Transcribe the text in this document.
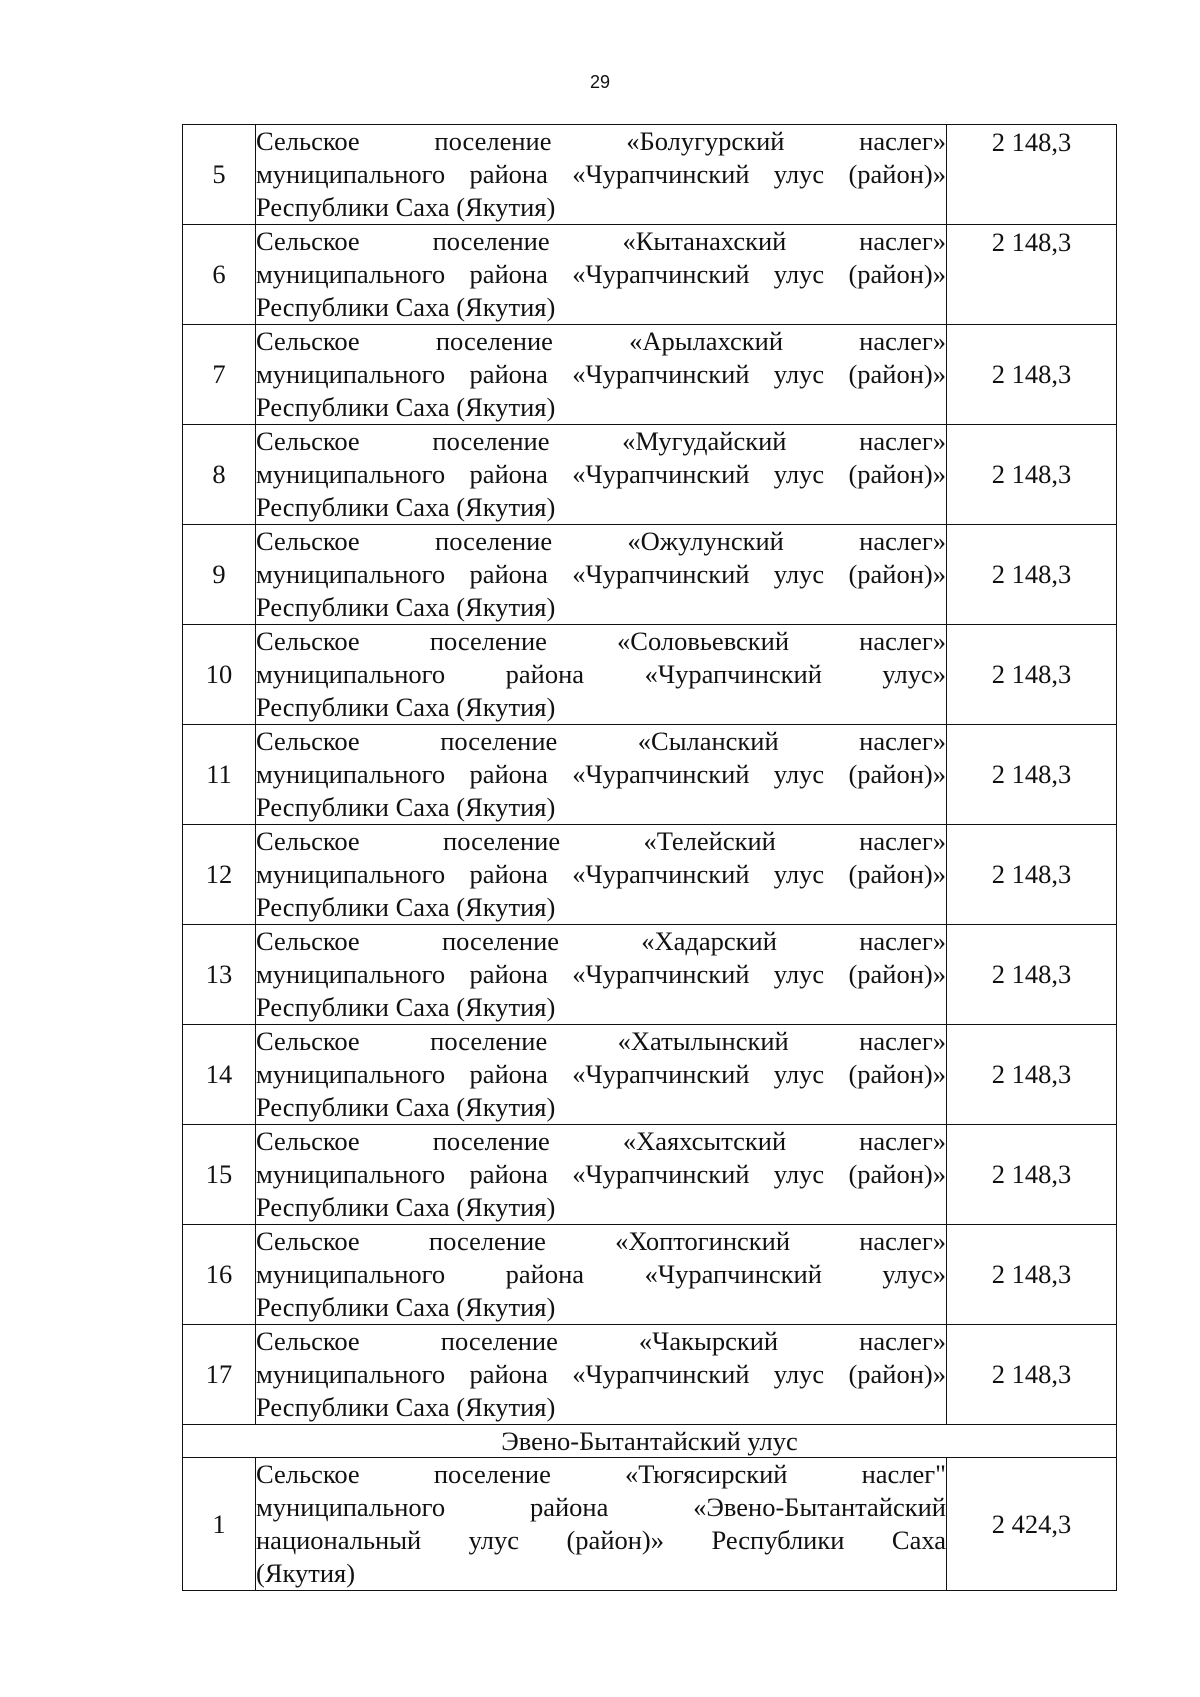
29
5	Сельское поселение «Болугурский наслег»
муниципального района «Чурапчинский улус (район)»
Республики Саха (Якутия)	2 148,3
6	Сельское поселение «Кытанахский наслег»
муниципального района «Чурапчинский улус (район)»
Республики Саха (Якутия)	2 148,3
7	Сельское поселение «Арылахский наслег»
муниципального района «Чурапчинский улус (район)»
Республики Саха (Якутия)	2 148,3
8	Сельское поселение «Мугудайский наслег»
муниципального района «Чурапчинский улус (район)»
Республики Саха (Якутия)	2 148,3
9	Сельское поселение «Ожулунский наслег»
муниципального района «Чурапчинский улус (район)»
Республики Саха (Якутия)	2 148,3
10	Сельское поселение «Соловьевский наслег»
муниципального района «Чурапчинский улус»
Республики Саха (Якутия)	2 148,3
11	Сельское поселение «Сыланский наслег»
муниципального района «Чурапчинский улус (район)»
Республики Саха (Якутия)	2 148,3
12	Сельское поселение «Телейский наслег»
муниципального района «Чурапчинский улус (район)»
Республики Саха (Якутия)	2 148,3
13	Сельское поселение «Хадарский наслег»
муниципального района «Чурапчинский улус (район)»
Республики Саха (Якутия)	2 148,3
14	Сельское поселение «Хатылынский наслег»
муниципального района «Чурапчинский улус (район)»
Республики Саха (Якутия)	2 148,3
15	Сельское поселение «Хаяхсытский наслег»
муниципального района «Чурапчинский улус (район)»
Республики Саха (Якутия)	2 148,3
16	Сельское поселение «Хоптогинский наслег»
муниципального района «Чурапчинский улус»
Республики Саха (Якутия)	2 148,3
17	Сельское поселение «Чакырский наслег»
муниципального района «Чурапчинский улус (район)»
Республики Саха (Якутия)	2 148,3
Эвено-Бытантайский улус		
1	Сельское поселение «Тюгясирский наслег"
муниципального района «Эвено-Бытантайский
национальный улус (район)» Республики Саха
(Якутия)	2 424,3
